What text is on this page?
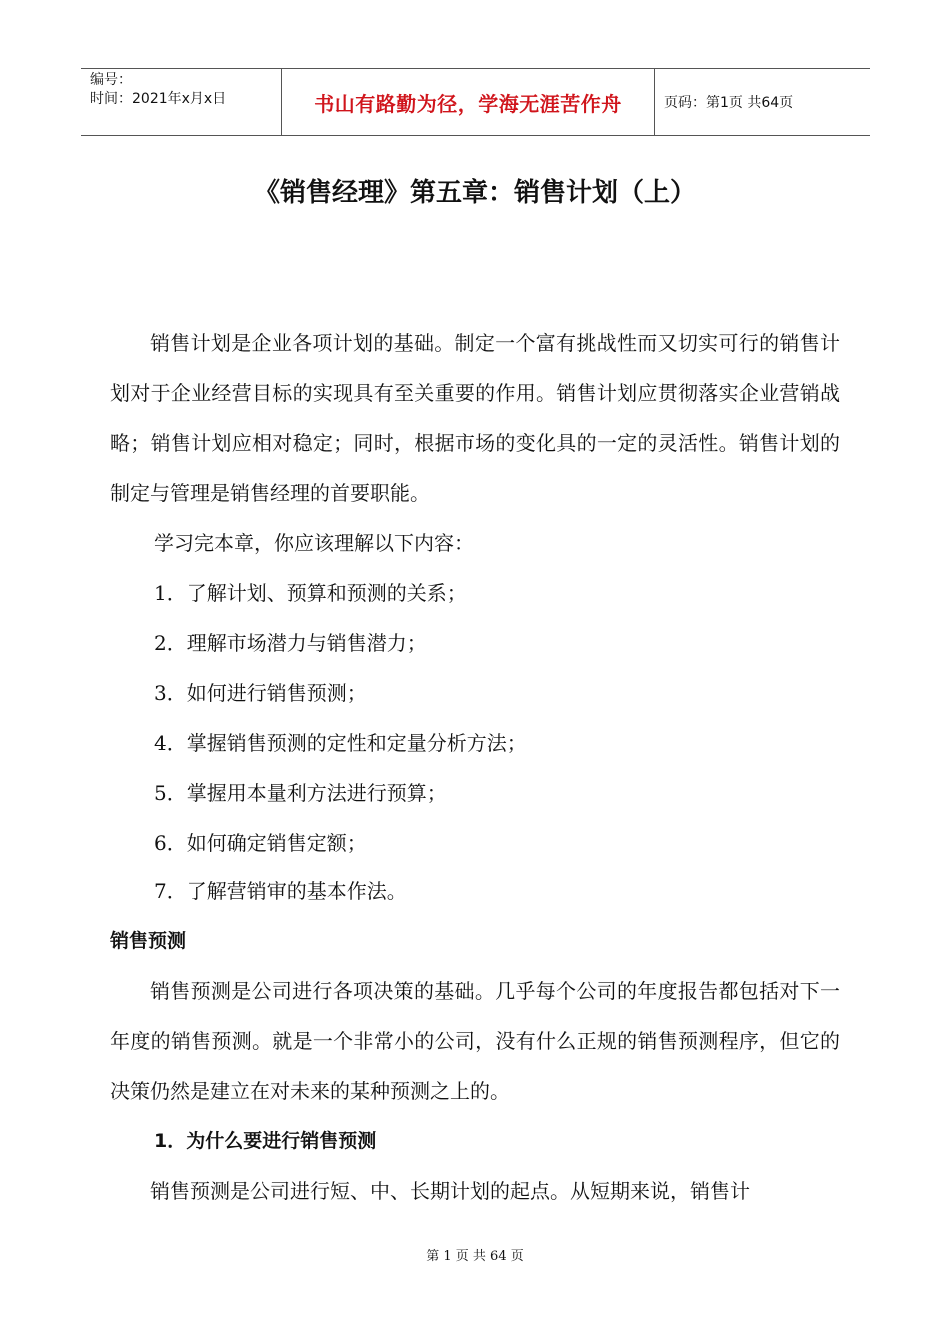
编号：
时间：2021年x月x日	书山有路勤为径，学海无涯苦作舟	页码：第1页 共64页
《销售经理》第五章：销售计划（上）

销售计划是企业各项计划的基础。制定一个富有挑战性而又切实可行的销售计划对于企业经营目标的实现具有至关重要的作用。销售计划应贯彻落实企业营销战略；销售计划应相对稳定；同时，根据市场的变化具的一定的灵活性。销售计划的制定与管理是销售经理的首要职能。

学习完本章，你应该理解以下内容：
1．了解计划、预算和预测的关系；
2．理解市场潜力与销售潜力；
3．如何进行销售预测；
4．掌握销售预测的定性和定量分析方法；
5．掌握用本量利方法进行预算；
6．如何确定销售定额；
7．了解营销审的基本作法。
销售预测

销售预测是公司进行各项决策的基础。几乎每个公司的年度报告都包括对下一年度的销售预测。就是一个非常小的公司，没有什么正规的销售预测程序，但它的决策仍然是建立在对未来的某种预测之上的。

1．为什么要进行销售预测

销售预测是公司进行短、中、长期计划的起点。从短期来说，销售计

第 1 页 共 64 页
